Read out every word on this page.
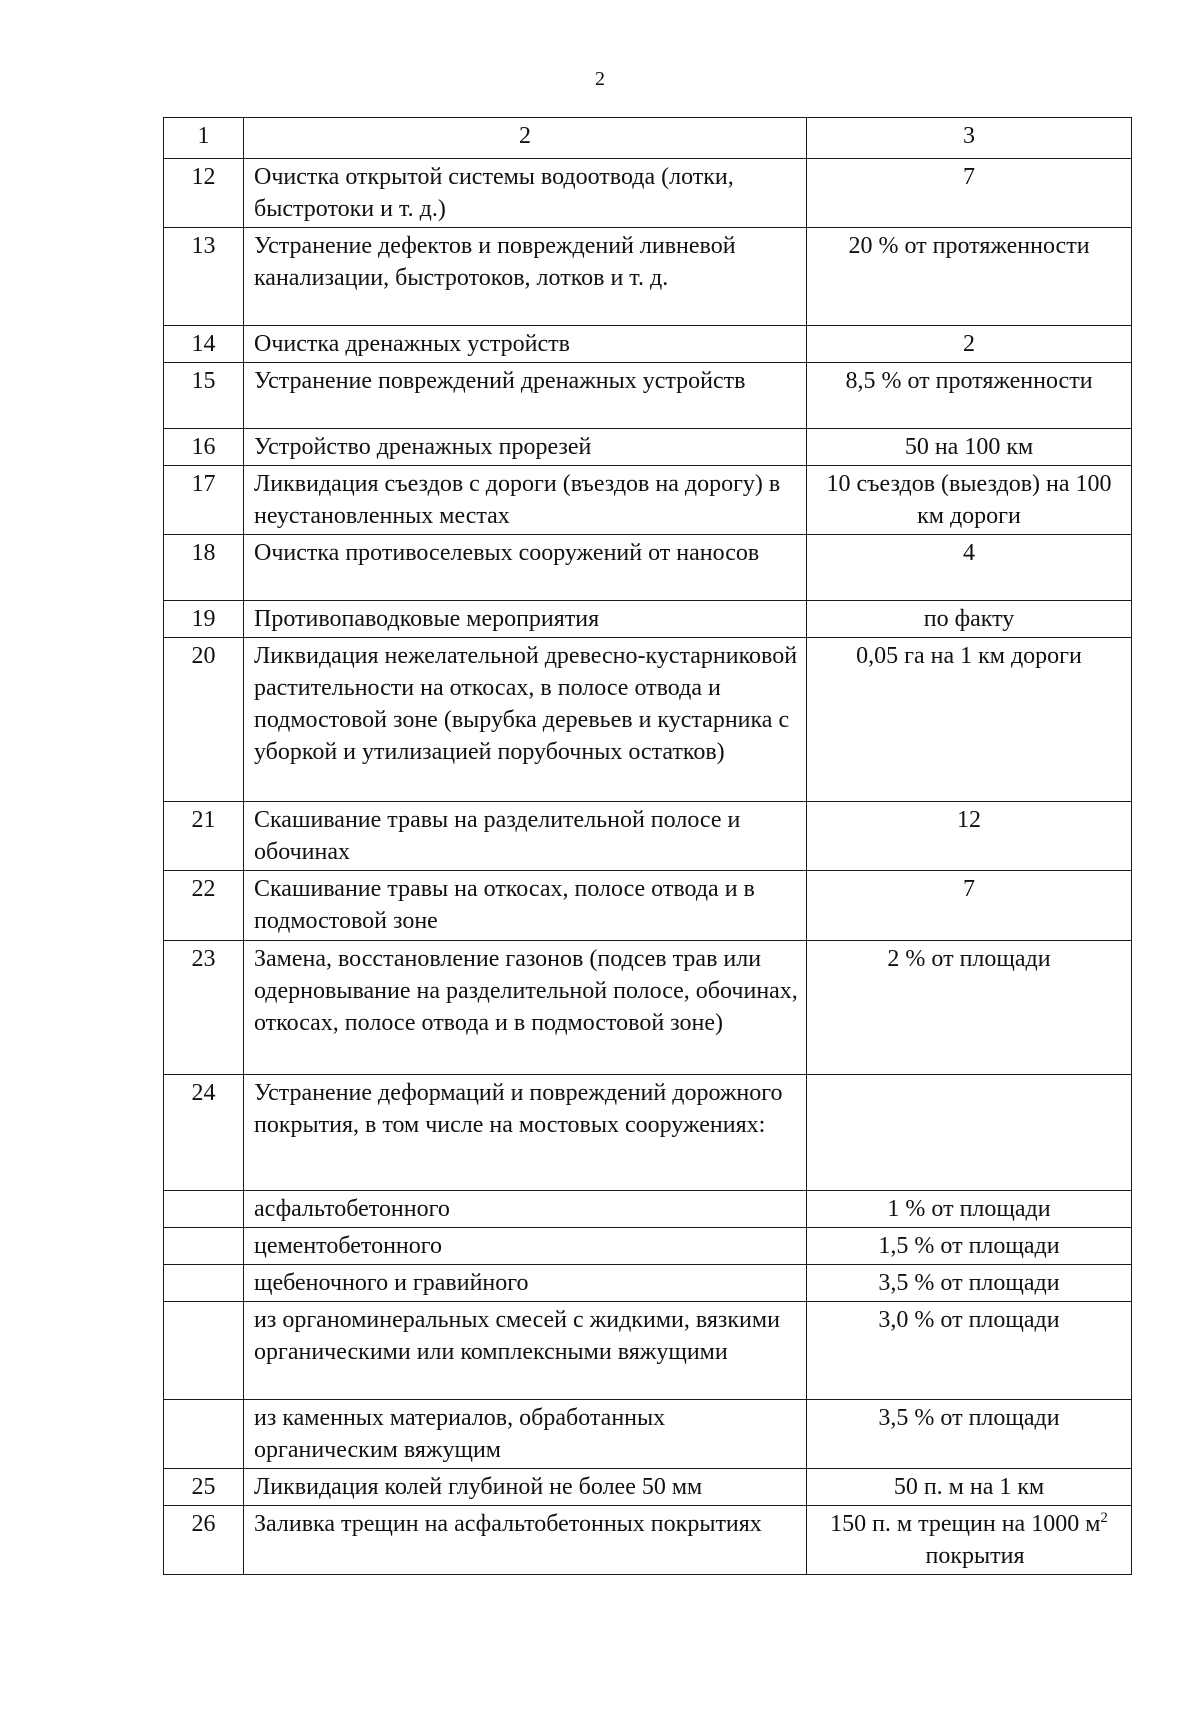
2
1	2	3
12	Очистка открытой системы водоотвода (лотки, быстротоки и т. д.)	7
13	Устранение дефектов и повреждений ливневой канализации, быстротоков, лотков и т. д.	20 % от протяженности
14	Очистка дренажных устройств	2
15	Устранение повреждений дренажных устройств	8,5 % от протяженности
16	Устройство дренажных прорезей	50 на 100 км
17	Ликвидация съездов с дороги (въездов на дорогу) в неустановленных местах	10 съездов (выездов) на 100 км дороги
18	Очистка противоселевых сооружений от наносов	4
19	Противопаводковые мероприятия	по факту
20	Ликвидация нежелательной древесно-кустарниковой растительности на откосах, в полосе отвода и подмостовой зоне (вырубка деревьев и кустарника с уборкой и утилизацией порубочных остатков)	0,05 га на 1 км дороги
21	Скашивание травы на разделительной полосе и обочинах	12
22	Скашивание травы на откосах, полосе отвода и в подмостовой зоне	7
23	Замена, восстановление газонов (подсев трав или одерновывание на разделительной полосе, обочинах, откосах, полосе отвода и в подмостовой зоне)	2 % от площади
24	Устранение деформаций и повреждений дорожного покрытия, в том числе на мостовых сооружениях:	
	асфальтобетонного	1 % от площади
	цементобетонного	1,5 % от площади
	щебеночного и гравийного	3,5 % от площади
	из органоминеральных смесей с жидкими, вязкими органическими или комплексными вяжущими	3,0 % от площади
	из каменных материалов, обработанных органическим вяжущим	3,5 % от площади
25	Ликвидация колей глубиной не более 50 мм	50 п. м на 1 км
26	Заливка трещин на асфальтобетонных покрытиях	150 п. м трещин на 1000 $м^2$  покрытия
